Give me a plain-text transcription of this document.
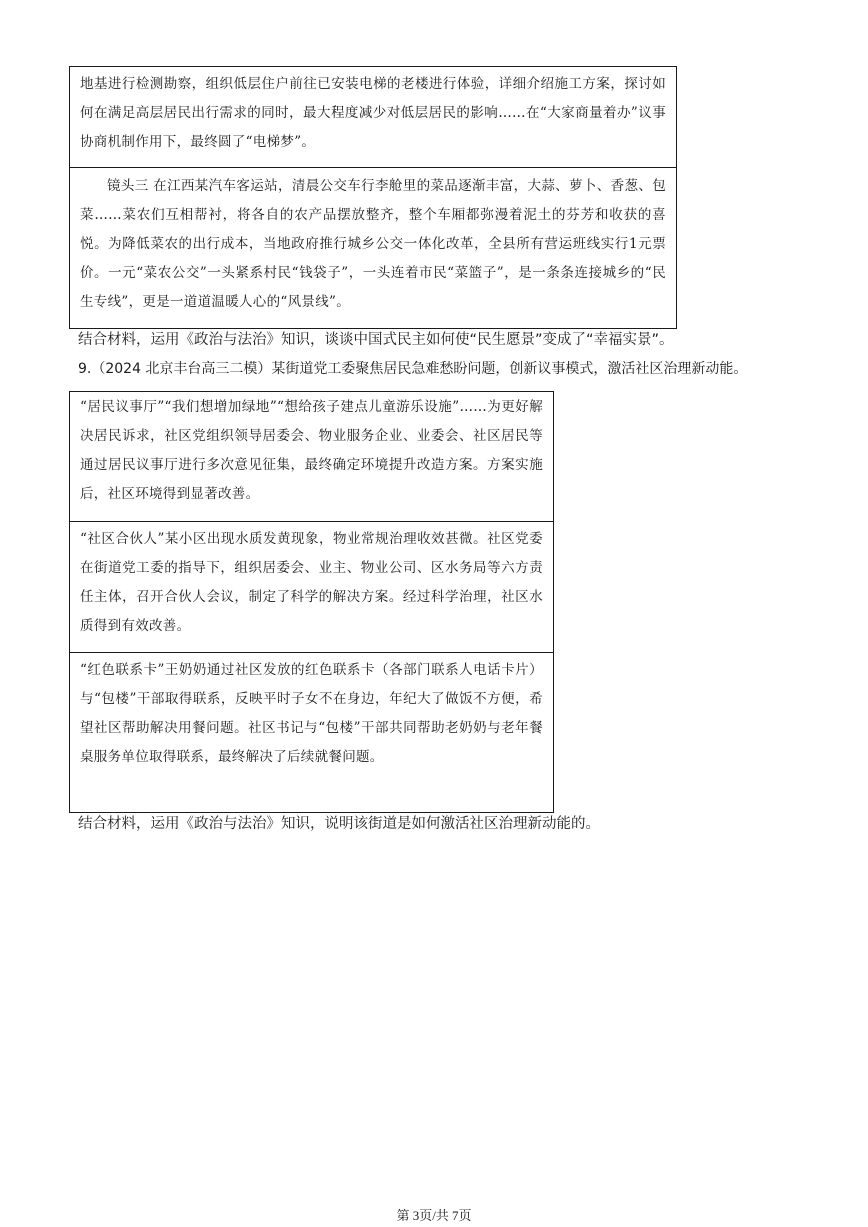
地基进行检测勘察，组织低层住户前往已安装电梯的老楼进行体验，详细介绍施工方案，探讨如何在满足高层居民出行需求的同时，最大程度减少对低层居民的影响……在“大家商量着办”议事协商机制作用下，最终圆了“电梯梦”。
镜头三 在江西某汽车客运站，清晨公交车行李舱里的菜品逐渐丰富，大蒜、萝卜、香葱、包菜……菜农们互相帮衬，将各自的农产品摆放整齐，整个车厢都弥漫着泥土的芬芳和收获的喜悦。为降低菜农的出行成本，当地政府推行城乡公交一体化改革，全县所有营运班线实行1元票价。一元“菜农公交”一头紧系村民“钱袋子”，一头连着市民“菜篮子”，是一条条连接城乡的“民生专线”，更是一道道温暖人心的“风景线”。
结合材料，运用《政治与法治》知识，谈谈中国式民主如何使“民生愿景”变成了“幸福实景”。
9.（2024 北京丰台高三二模）某街道党工委聚焦居民急难愁盼问题，创新议事模式，激活社区治理新动能。
“居民议事厅”“我们想增加绿地”“想给孩子建点儿童游乐设施”……为更好解决居民诉求，社区党组织领导居委会、物业服务企业、业委会、社区居民等通过居民议事厅进行多次意见征集，最终确定环境提升改造方案。方案实施后，社区环境得到显著改善。
“社区合伙人”某小区出现水质发黄现象，物业常规治理收效甚微。社区党委在街道党工委的指导下，组织居委会、业主、物业公司、区水务局等六方责任主体，召开合伙人会议，制定了科学的解决方案。经过科学治理，社区水质得到有效改善。
“红色联系卡”王奶奶通过社区发放的红色联系卡（各部门联系人电话卡片）与“包楼”干部取得联系，反映平时子女不在身边，年纪大了做饭不方便，希望社区帮助解决用餐问题。社区书记与“包楼”干部共同帮助老奶奶与老年餐桌服务单位取得联系，最终解决了后续就餐问题。
结合材料，运用《政治与法治》知识，说明该街道是如何激活社区治理新动能的。
第 3页/共 7页
